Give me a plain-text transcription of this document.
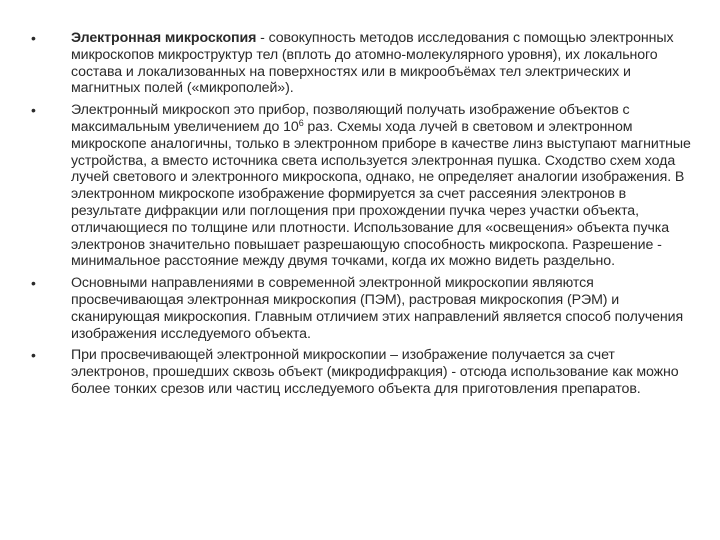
•	Электронная микроскопия - совокупность методов исследования с помощью электронных микроскопов микроструктур тел (вплоть до атомно-молекулярного уровня), их локального состава и локализованных на поверхностях или в микрообъёмах тел электрических и магнитных полей («микрополей»).
•	Электронный микроскоп это прибор, позволяющий получать изображение объектов с максимальным увеличением до $10^6$ раз. Схемы хода лучей в световом и электронном микроскопе аналогичны, только в электронном приборе в качестве линз выступают магнитные устройства, а вместо источника света используется электронная пушка. Сходство схем хода лучей светового и электронного микроскопа, однако, не определяет аналогии изображения. В электронном микроскопе изображение формируется за счет рассеяния электронов в результате дифракции или поглощения при прохождении пучка через участки объекта, отличающиеся по толщине или плотности. Использование для «освещения» объекта пучка электронов значительно повышает разрешающую способность микроскопа. Разрешение - минимальное расстояние между двумя точками, когда их можно видеть раздельно.
•	Основными направлениями в современной электронной микроскопии являются просвечивающая электронная микроскопия (ПЭМ), растровая микроскопия (РЭМ) и сканирующая микроскопия. Главным отличием этих направлений является способ получения изображения исследуемого объекта.
•	При просвечивающей электронной микроскопии – изображение получается за счет электронов, прошедших сквозь объект (микродифракция) - отсюда использование как можно более тонких срезов или частиц исследуемого объекта для приготовления препаратов.
